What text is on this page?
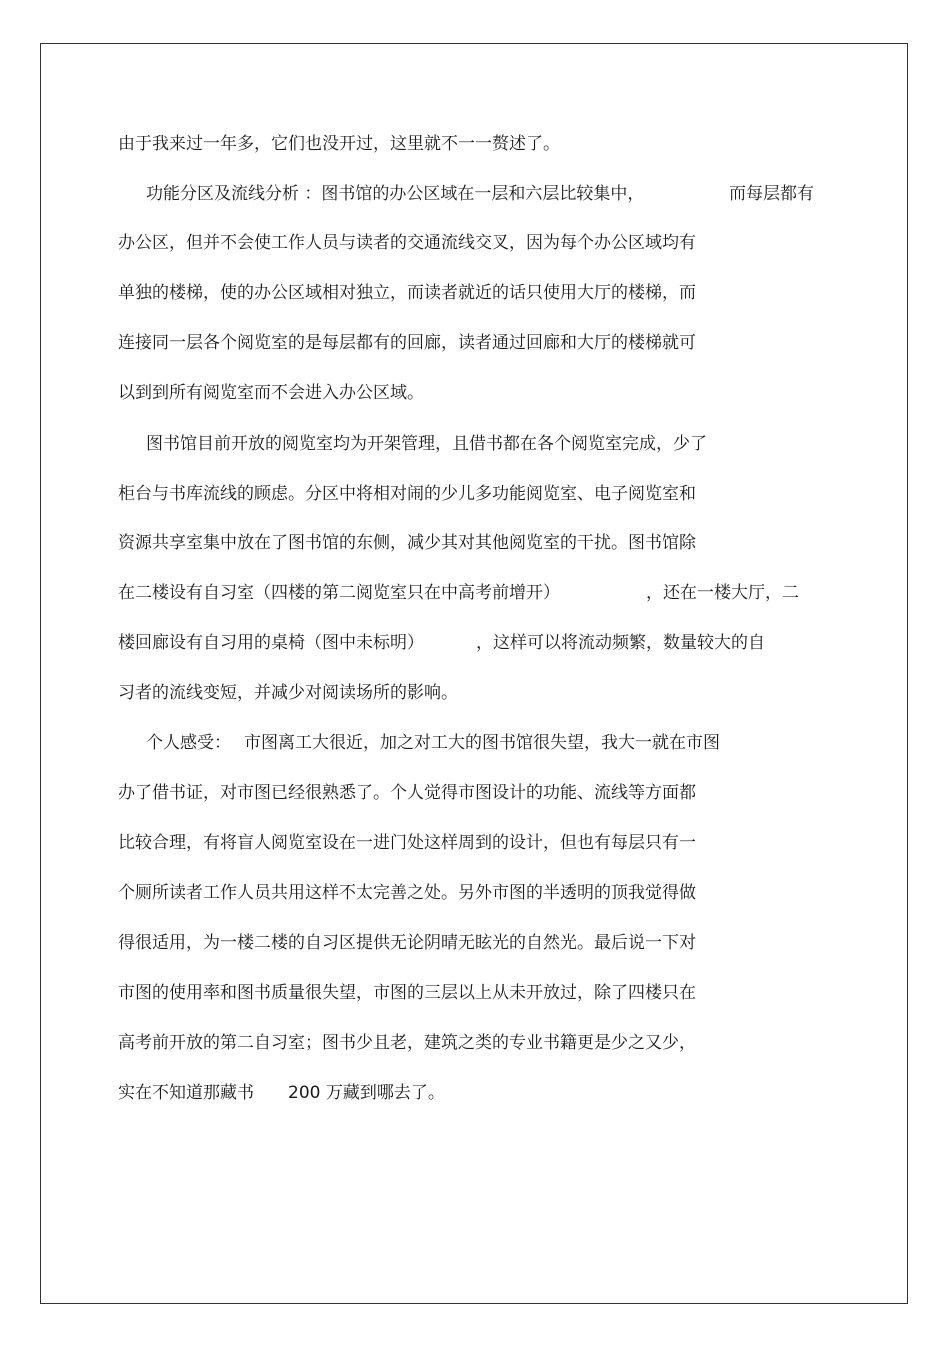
由于我来过一年多，它们也没开过，这里就不一一赘述了。
功能分区及流线分析 ：图书馆的办公区域在一层和六层比较集中，	而每层都有
办公区，但并不会使工作人员与读者的交通流线交叉，因为每个办公区域均有
单独的楼梯，使的办公区域相对独立，而读者就近的话只使用大厅的楼梯，而
连接同一层各个阅览室的是每层都有的回廊，读者通过回廊和大厅的楼梯就可
以到到所有阅览室而不会进入办公区域。
图书馆目前开放的阅览室均为开架管理，且借书都在各个阅览室完成，少了
柜台与书库流线的顾虑。分区中将相对闹的少儿多功能阅览室、电子阅览室和
资源共享室集中放在了图书馆的东侧，减少其对其他阅览室的干扰。图书馆除
在二楼设有自习室（四楼的第二阅览室只在中高考前增开）	，还在一楼大厅，二
楼回廊设有自习用的桌椅（图中未标明）	，这样可以将流动频繁，数量较大的自
习者的流线变短，并减少对阅读场所的影响。
个人感受： 市图离工大很近，加之对工大的图书馆很失望，我大一就在市图
办了借书证，对市图已经很熟悉了。个人觉得市图设计的功能、流线等方面都
比较合理，有将盲人阅览室设在一进门处这样周到的设计，但也有每层只有一
个厕所读者工作人员共用这样不太完善之处。另外市图的半透明的顶我觉得做
得很适用，为一楼二楼的自习区提供无论阴晴无眩光的自然光。最后说一下对
市图的使用率和图书质量很失望，市图的三层以上从未开放过，除了四楼只在
高考前开放的第二自习室；图书少且老，建筑之类的专业书籍更是少之又少，
实在不知道那藏书 200 万藏到哪去了。
